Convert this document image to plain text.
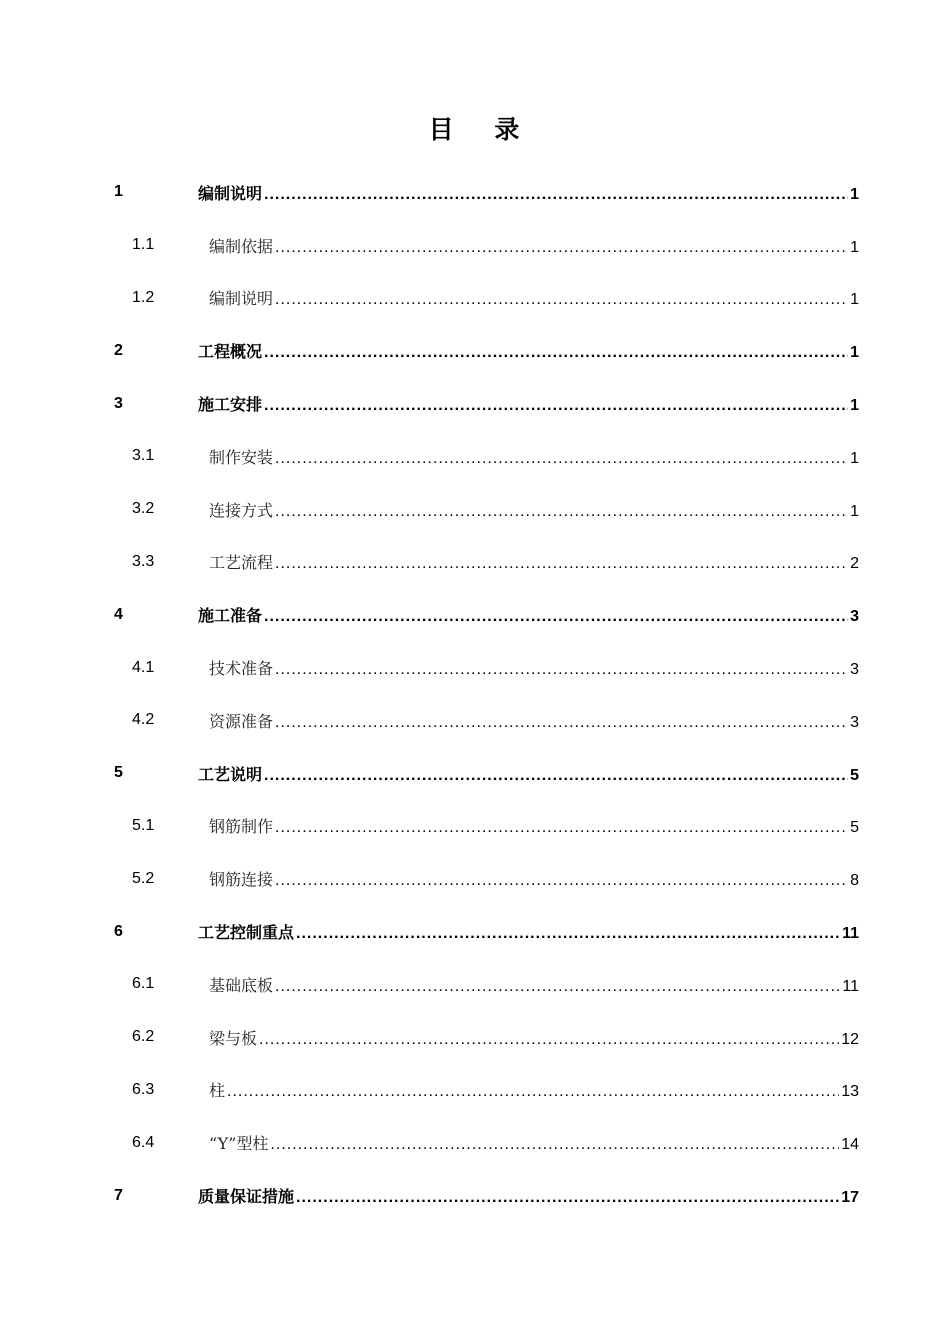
目 录
1	编制说明 .....	1
1.1	编制依据 .....	1
1.2	编制说明 .....	1
2	工程概况 .....	1
3	施工安排 .....	1
3.1	制作安装 .....	1
3.2	连接方式 .....	1
3.3	工艺流程 .....	2
4	施工准备 .....	3
4.1	技术准备 .....	3
4.2	资源准备 .....	3
5	工艺说明 .....	5
5.1	钢筋制作 .....	5
5.2	钢筋连接 .....	8
6	工艺控制重点 .....	11
6.1	基础底板 .....	11
6.2	梁与板 .....	12
6.3	柱 .....	13
6.4	“Y”型柱 .....	14
7	质量保证措施 .....	17
